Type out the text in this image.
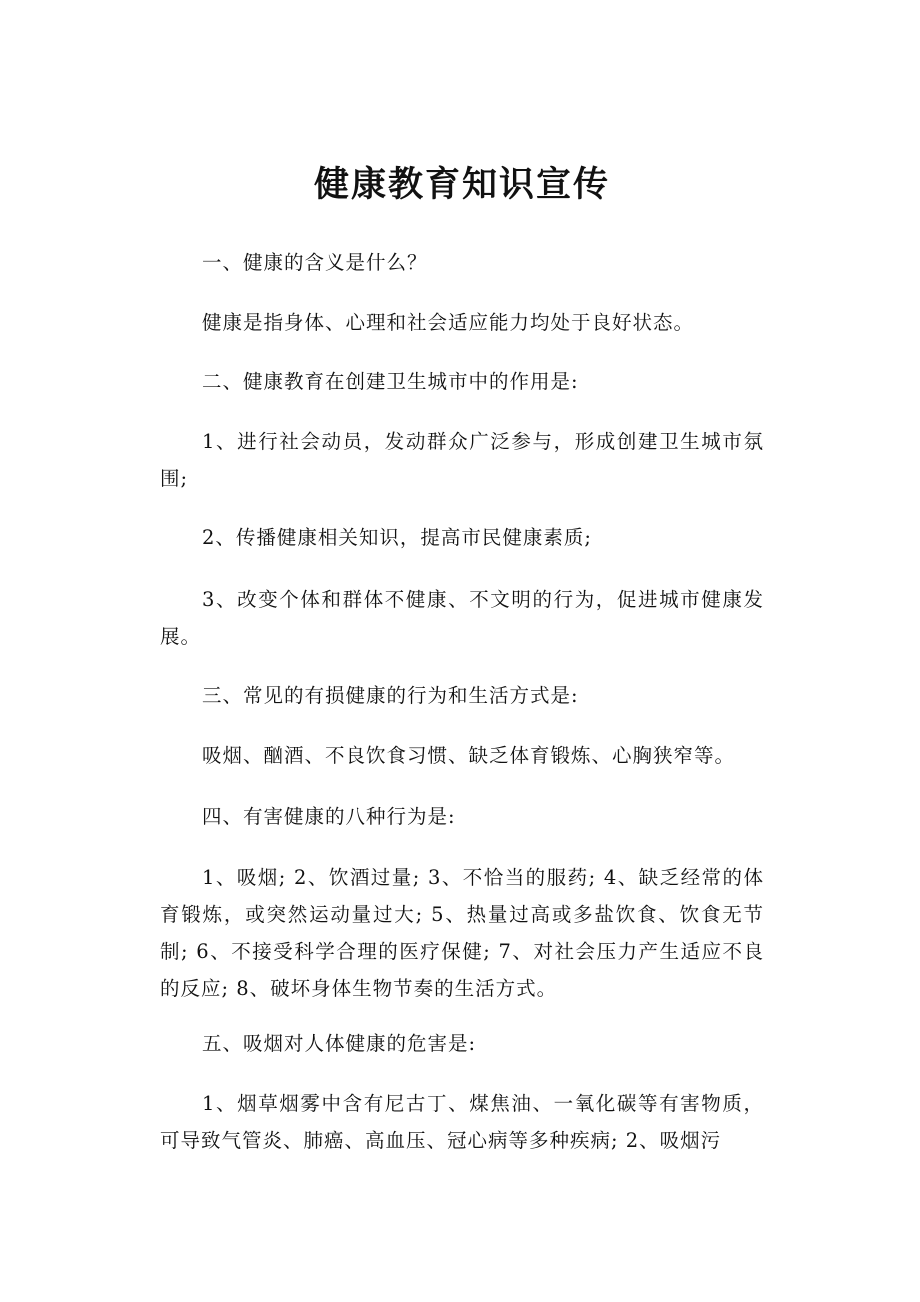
健康教育知识宣传

一、健康的含义是什么？

健康是指身体、心理和社会适应能力均处于良好状态。

二、健康教育在创建卫生城市中的作用是:

1、进行社会动员，发动群众广泛参与，形成创建卫生城市氛围;

2、传播健康相关知识，提高市民健康素质;

3、改变个体和群体不健康、不文明的行为，促进城市健康发展。

三、常见的有损健康的行为和生活方式是:

吸烟、酗酒、不良饮食习惯、缺乏体育锻炼、心胸狭窄等。

四、有害健康的八种行为是:

1、吸烟; 2、饮酒过量; 3、不恰当的服药; 4、缺乏经常的体育锻炼，或突然运动量过大; 5、热量过高或多盐饮食、饮食无节制; 6、不接受科学合理的医疗保健; 7、对社会压力产生适应不良的反应; 8、破坏身体生物节奏的生活方式。

五、吸烟对人体健康的危害是:

1、烟草烟雾中含有尼古丁、煤焦油、一氧化碳等有害物质，可导致气管炎、肺癌、高血压、冠心病等多种疾病; 2、吸烟污
